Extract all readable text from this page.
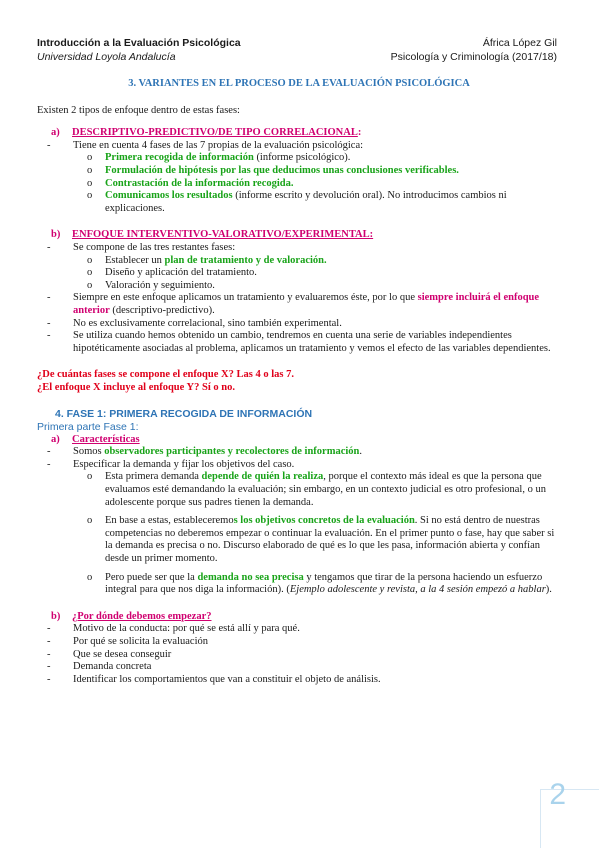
Introducción a la Evaluación Psicológica	África López Gil
Universidad Loyola Andalucía	Psicología y Criminología (2017/18)

3. VARIANTES EN EL PROCESO DE LA EVALUACIÓN PSICOLÓGICA

Existen 2 tipos de enfoque dentro de estas fases:

a)	DESCRIPTIVO-PREDICTIVO/DE TIPO CORRELACIONAL:
-	Tiene en cuenta 4 fases de las 7 propias de la evaluación psicológica:
o	Primera recogida de información (informe psicológico).
o	Formulación de hipótesis por las que deducimos unas conclusiones verificables.
o	Contrastación de la información recogida.
o	Comunicamos los resultados (informe escrito y devolución oral). No introducimos cambios ni explicaciones.
b)	ENFOQUE INTERVENTIVO-VALORATIVO/EXPERIMENTAL:
-	Se compone de las tres restantes fases:
o	Establecer un plan de tratamiento y de valoración.
o	Diseño y aplicación del tratamiento.
o	Valoración y seguimiento.
-	Siempre en este enfoque aplicamos un tratamiento y evaluaremos éste, por lo que siempre incluirá el enfoque anterior (descriptivo-predictivo).
-	No es exclusivamente correlacional, sino también experimental.
-	Se utiliza cuando hemos obtenido un cambio, tendremos en cuenta una serie de variables independientes hipotéticamente asociadas al problema, aplicamos un tratamiento y vemos el efecto de las variables dependientes.

¿De cuántas fases se compone el enfoque X? Las 4 o las 7.

¿El enfoque X incluye al enfoque Y? Sí o no.

4. FASE 1: PRIMERA RECOGIDA DE INFORMACIÓN

Primera parte Fase 1:

a)	Características
-	Somos observadores participantes y recolectores de información.
-	Especificar la demanda y fijar los objetivos del caso.
o	Esta primera demanda depende de quién la realiza, porque el contexto más ideal es que la persona que evaluamos esté demandando la evaluación; sin embargo, en un contexto judicial es otro profesional, o un adolescente porque sus padres tienen la demanda.
o	En base a estas, estableceremos los objetivos concretos de la evaluación. Si no está dentro de nuestras competencias no deberemos empezar o continuar la evaluación. En el primer punto o fase, hay que saber si la demanda es precisa o no. Discurso elaborado de qué es lo que les pasa, información abierta y confían desde un primer momento.
o	Pero puede ser que la demanda no sea precisa y tengamos que tirar de la persona haciendo un esfuerzo integral para que nos diga la información). (Ejemplo adolescente y revista, a la 4 sesión empezó a hablar).
b)	¿Por dónde debemos empezar?
-	Motivo de la conducta: por qué se está allí y para qué.
-	Por qué se solicita la evaluación
-	Que se desea conseguir
-	Demanda concreta
-	Identificar los comportamientos que van a constituir el objeto de análisis.
2
